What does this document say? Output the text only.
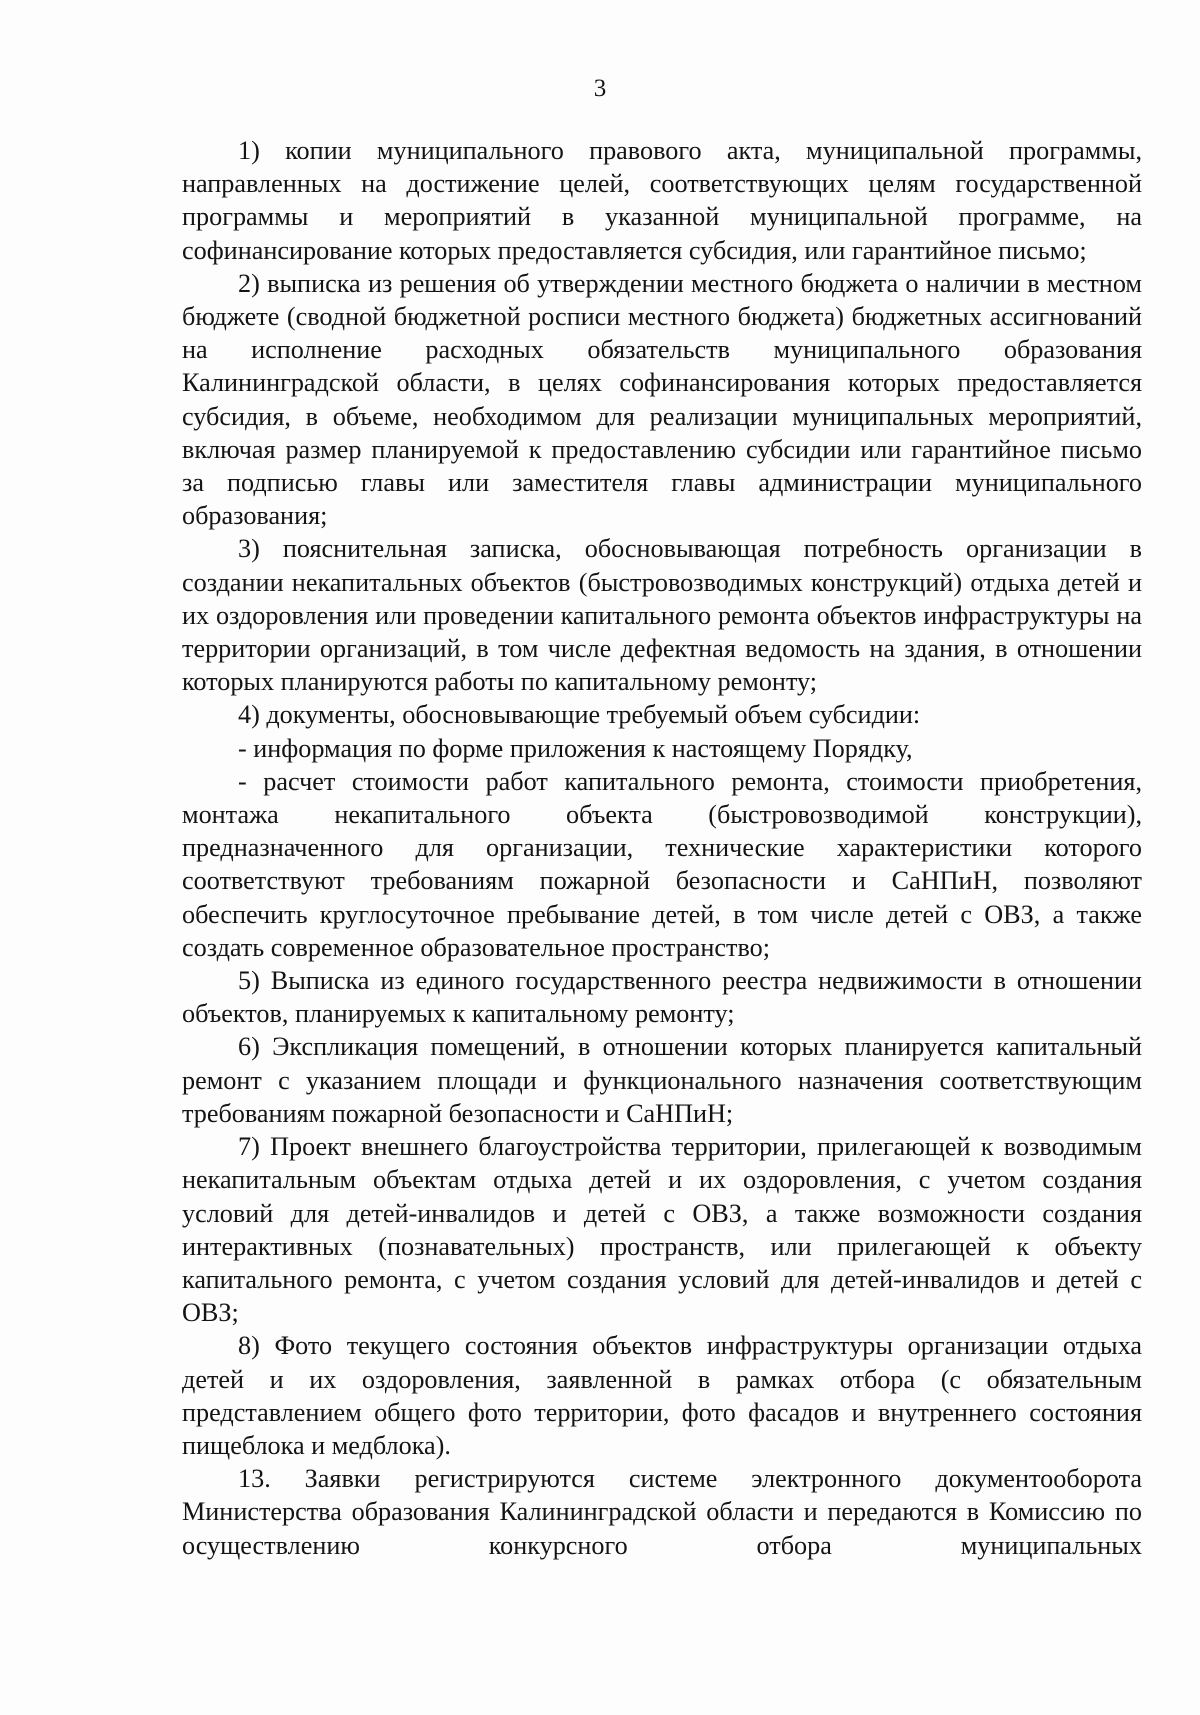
3

1) копии муниципального правового акта, муниципальной программы, направленных на достижение целей, соответствующих целям государственной программы и мероприятий в указанной муниципальной программе, на софинансирование которых предоставляется субсидия, или гарантийное письмо;

2) выписка из решения об утверждении местного бюджета о наличии в местном бюджете (сводной бюджетной росписи местного бюджета) бюджетных ассигнований на исполнение расходных обязательств муниципального образования Калининградской области, в целях софинансирования которых предоставляется субсидия, в объеме, необходимом для реализации муниципальных мероприятий, включая размер планируемой к предоставлению субсидии или гарантийное письмо за подписью главы или заместителя главы администрации муниципального образования;

3) пояснительная записка, обосновывающая потребность организации в создании некапитальных объектов (быстровозводимых конструкций) отдыха детей и их оздоровления или проведении капитального ремонта объектов инфраструктуры на территории организаций, в том числе дефектная ведомость на здания, в отношении которых планируются работы по капитальному ремонту;

4) документы, обосновывающие требуемый объем субсидии:

- информация по форме приложения к настоящему Порядку,

- расчет стоимости работ капитального ремонта, стоимости приобретения, монтажа некапитального объекта (быстровозводимой конструкции), предназначенного для организации, технические характеристики которого соответствуют требованиям пожарной безопасности и СаНПиН, позволяют обеспечить круглосуточное пребывание детей, в том числе детей с ОВЗ, а также создать современное образовательное пространство;

5) Выписка из единого государственного реестра недвижимости в отношении объектов, планируемых к капитальному ремонту;

6) Экспликация помещений, в отношении которых планируется капитальный ремонт с указанием площади и функционального назначения соответствующим требованиям пожарной безопасности и СаНПиН;

7) Проект внешнего благоустройства территории, прилегающей к возводимым некапитальным объектам отдыха детей и их оздоровления, с учетом создания условий для детей-инвалидов и детей с ОВЗ, а также возможности создания интерактивных (познавательных) пространств, или прилегающей к объекту капитального ремонта, с учетом создания условий для детей-инвалидов и детей с ОВЗ;

8) Фото текущего состояния объектов инфраструктуры организации отдыха детей и их оздоровления, заявленной в рамках отбора (с обязательным представлением общего фото территории, фото фасадов и внутреннего состояния пищеблока и медблока).

13. Заявки регистрируются системе электронного документооборота Министерства образования Калининградской области и передаются в Комиссию по осуществлению конкурсного отбора муниципальных
